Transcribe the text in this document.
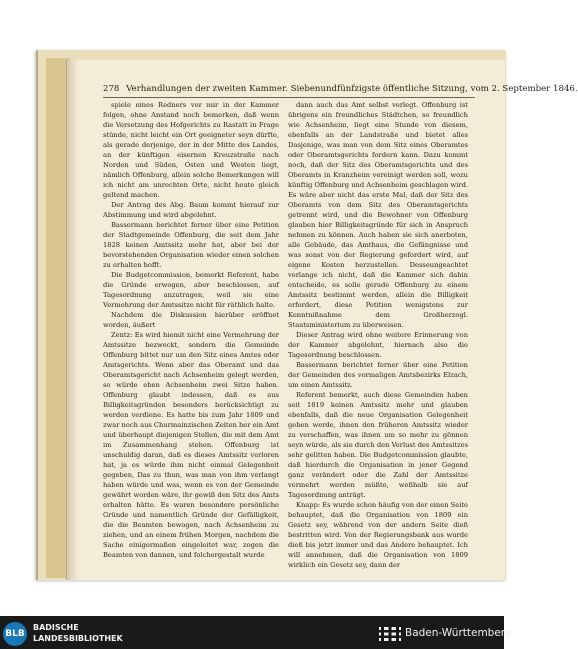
278 Verhandlungen der zweiten Kammer. Siebenundfünfzigste öffentliche Sitzung, vom 2. September 1846.

spiele eines Redners vor mir in der Kammer folgen, ohne Anstand noch bemerken, daß wenn die Versetzung des Hofgerichts zu Rastatt in Frage stünde, nicht leicht ein Ort geeigneter seyn dürfte, als gerade derjenige, der in der Mitte des Landes, an der künftigen eisernen Kreuzstraße nach Norden und Süden, Osten und Westen liegt, nämlich Offenburg, allein solche Bemerkungen will ich nicht am unrechten Orte, nicht heute gleich geltend machen.

Der Antrag des Abg. Baum kommt hierauf zur Abstimmung und wird abgelehnt.

Bassermann berichtet ferner über eine Petition der Stadtgemeinde Offenburg, die seit dem Jahr 1828 keinen Amtssitz mehr hat, aber bei der bevorstehenden Organisation wieder einen solchen zu erhalten hofft.

Die Budgetcommission, bemerkt Referent, habe die Gründe erwogen, aber beschlossen, auf Tagesordnung anzutragen, weil sie eine Vermehrung der Amtssitze nicht für räthlich halte.

Nachdem die Diskussion hierüber eröffnet worden, äußert

Zentz: Es wird hiemit nicht eine Vermehrung der Amtssitze bezweckt, sondern die Gemeinde Offenburg bittet nur um den Sitz eines Amtes oder Amtsgerichts. Wenn aber das Oberamt und das Oberamtsgericht nach Achsenheim gelegt werden, so würde eben Achsenheim zwei Sitze haben. Offenburg glaubt indessen, daß es aus Billigkeitsgründen besonders berücksichtigt zu werden verdiene. Es hatte bis zum Jahr 1809 und zwar noch aus Churmainzischen Zeiten her ein Amt und überhaupt diejenigen Stellen, die mit dem Amt im Zusammenhang stehen. Offenburg ist unschuldig daran, daß es dieses Amtssitz verloren hat, ja es würde ihm nicht einmal Gelegenheit gegeben, Das zu thun, was man von ihm verlangt haben würde und was, wenn es von der Gemeinde gewährt worden wäre, ihr gewiß den Sitz des Amts erhalten hätte. Es waren besondere persönliche Gründe und namentlich Gründe der Gefälligkeit, die die Beamten bewogen, nach Achsenheim zu ziehen, und an einem frühen Morgen, nachdem die Sache einigermaßen eingeleitet war, zogen die Beamten von dannen, und folchergestalt wurde

dann auch das Amt selbst verlegt. Offenburg ist übrigens ein freundliches Städtchen, so freundlich wie Achsenheim, liegt eine Stunde von diesem, ebenfalls an der Landstraße und bietet alles Dasjenige, was man von dem Sitz eines Oberamtes oder Oberamtsgerichts fordern kann. Dazu kommt noch, daß der Sitz des Oberamtsgerichts und des Oberamts in Kranzheim vereinigt werden soll, wozu künftig Offenburg und Achsenheim geschlagen wird. Es wäre aber nicht das erste Mal, daß der Sitz des Oberamts von dem Sitz des Oberamtsgerichts getrennt wird, und die Bewohner von Offenburg glauben hier Billigkeitsgründe für sich in Anspruch nehmen zu können. Auch haben sie sich anerboten, alle Gebäude, das Amthaus, die Gefängnisse und was sonst von der Regierung gefordert wird, auf eigene Kosten herzustellen. Desseungeachtet verlange ich nicht, daß die Kammer sich dahin entscheide, es solle gerade Offenburg zu einem Amtssitz bestimmt werden, allein die Billigkeit erfordert, diese Petition wenigstens zur Kenntnißnahme dem Großherzogl. Staatsministerium zu überweisen.

Dieser Antrag wird ohne weitere Erinnerung von der Kammer abgelehnt, hiernach also die Tagesordnung beschlossen.

Bassermann berichtet ferner über eine Petition der Gemeinden des vormaligen Amtsbezirks Elzach, um einen Amtssitz.

Referent bemerkt, auch diese Gemeinden haben seit 1819 keinen Amtssitz mehr und glauben ebenfalls, daß die neue Organisation Gelegenheit geben werde, ihnen den früheren Amtssitz wieder zu verschaffen, was ihnen um so mehr zu gönnen seyn würde, als sie durch den Verlust des Amtssitzes sehr gelitten haben. Die Budgetcommission glaubte, daß hierdurch die Organisation in jener Gegend ganz verändert oder die Zahl der Amtssitze vermehrt werden müßte, weßhalb sie auf Tagesordnung anträgt.

Knapp: Es wurde schon häufig von der einen Seite behauptet, daß die Organisation von 1809 ein Gesetz sey, während von der andern Seite dieß bestritten wird. Von der Regierungsbank aus wurde dieß bis jetzt immer und das Andere behauptet. Ich will annehmen, daß die Organisation von 1809 wirklich ein Gesetz sey, dann der

BLB
BADISCHE
LANDESBIBLIOTHEK	Baden-Württemberg
